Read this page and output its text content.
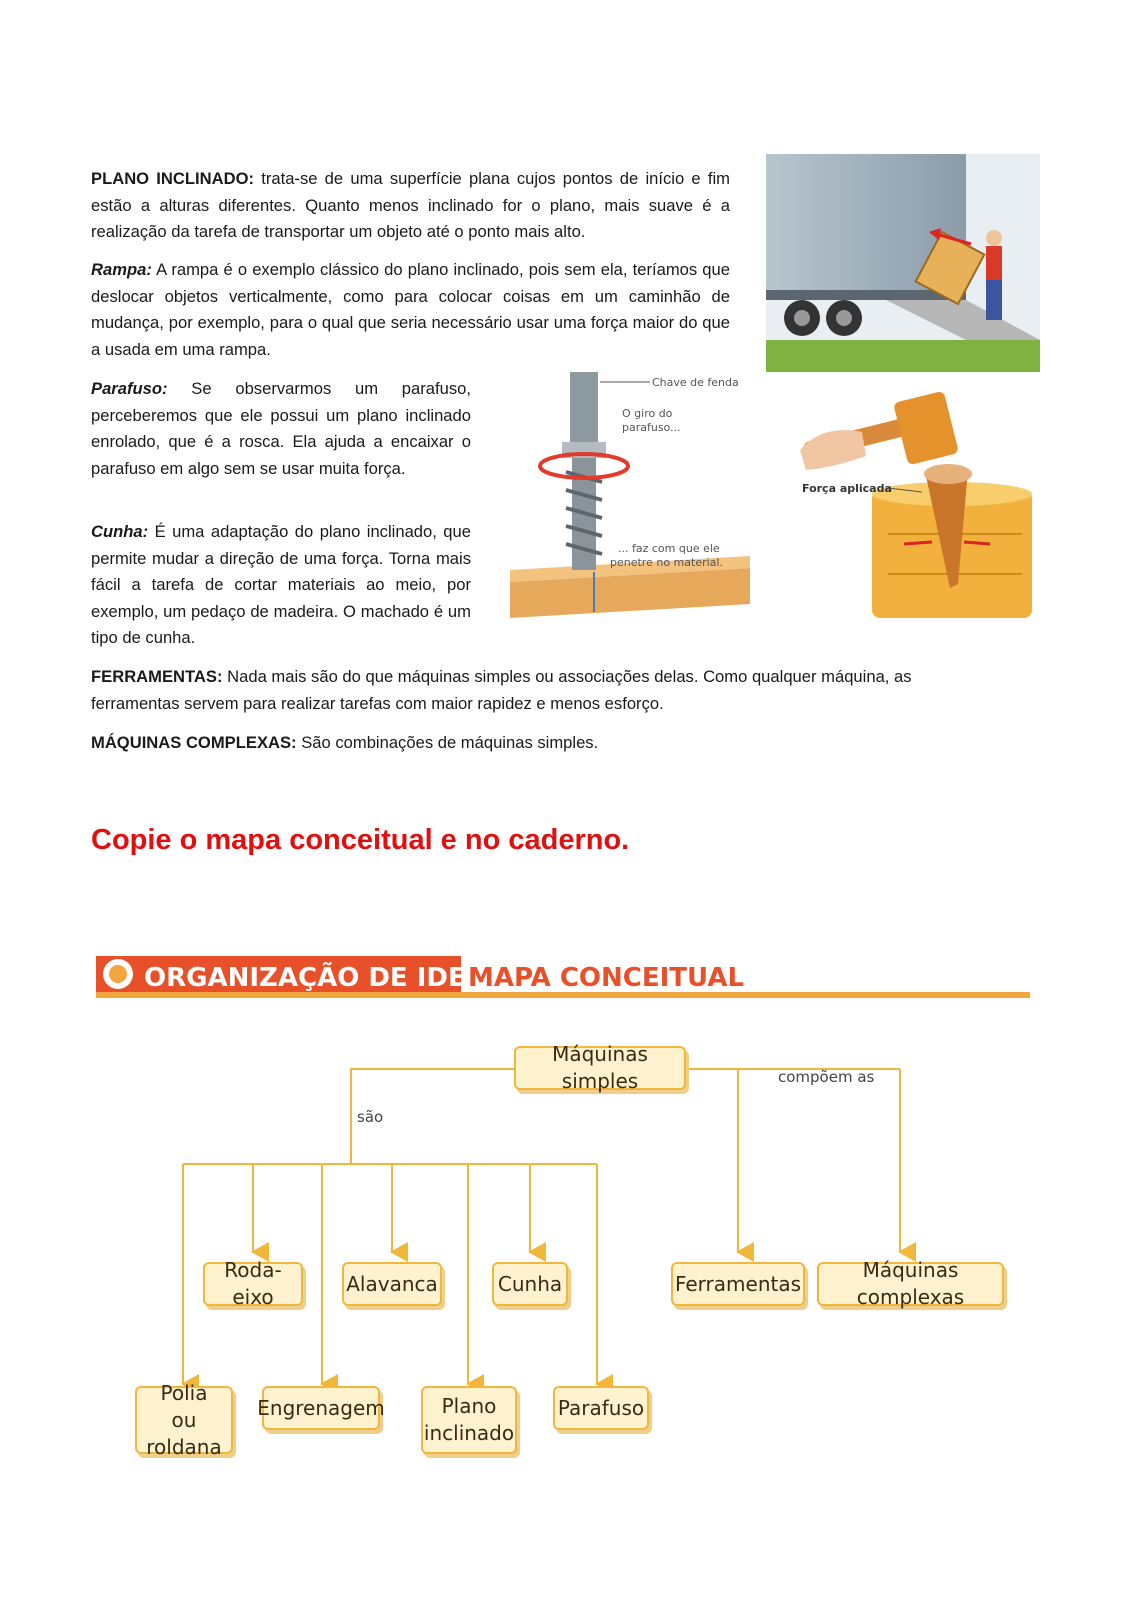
PLANO INCLINADO: trata-se de uma superfície plana cujos pontos de início e fim estão a alturas diferentes. Quanto menos inclinado for o plano, mais suave é a realização da tarefa de transportar um objeto até o ponto mais alto.

Rampa: A rampa é o exemplo clássico do plano inclinado, pois sem ela, teríamos que deslocar objetos verticalmente, como para colocar coisas em um caminhão de mudança, por exemplo, para o qual que seria necessário usar uma força maior do que a usada em uma rampa.

Parafuso: Se observarmos um parafuso, perceberemos que ele possui um plano inclinado enrolado, que é a rosca. Ela ajuda a encaixar o parafuso em algo sem se usar muita força.

Cunha: É uma adaptação do plano inclinado, que permite mudar a direção de uma força. Torna mais fácil a tarefa de cortar materiais ao meio, por exemplo, um pedaço de madeira. O machado é um tipo de cunha.

FERRAMENTAS: Nada mais são do que máquinas simples ou associações delas. Como qualquer máquina, as ferramentas servem para realizar tarefas com maior rapidez e menos esforço.

MÁQUINAS COMPLEXAS: São combinações de máquinas simples.

Copie o mapa conceitual e no caderno.
Chave de fenda
O giro do
parafuso...
... faz com que ele
penetre no material.
Força aplicada
ORGANIZAÇÃO DE IDEIAS:
MAPA CONCEITUAL
são
compõem as
Máquinas simples
Roda-eixo
Alavanca	Cunha	Ferramentas
Máquinas complexas
Polia ou roldana
Engrenagem	Plano inclinado
Parafuso
